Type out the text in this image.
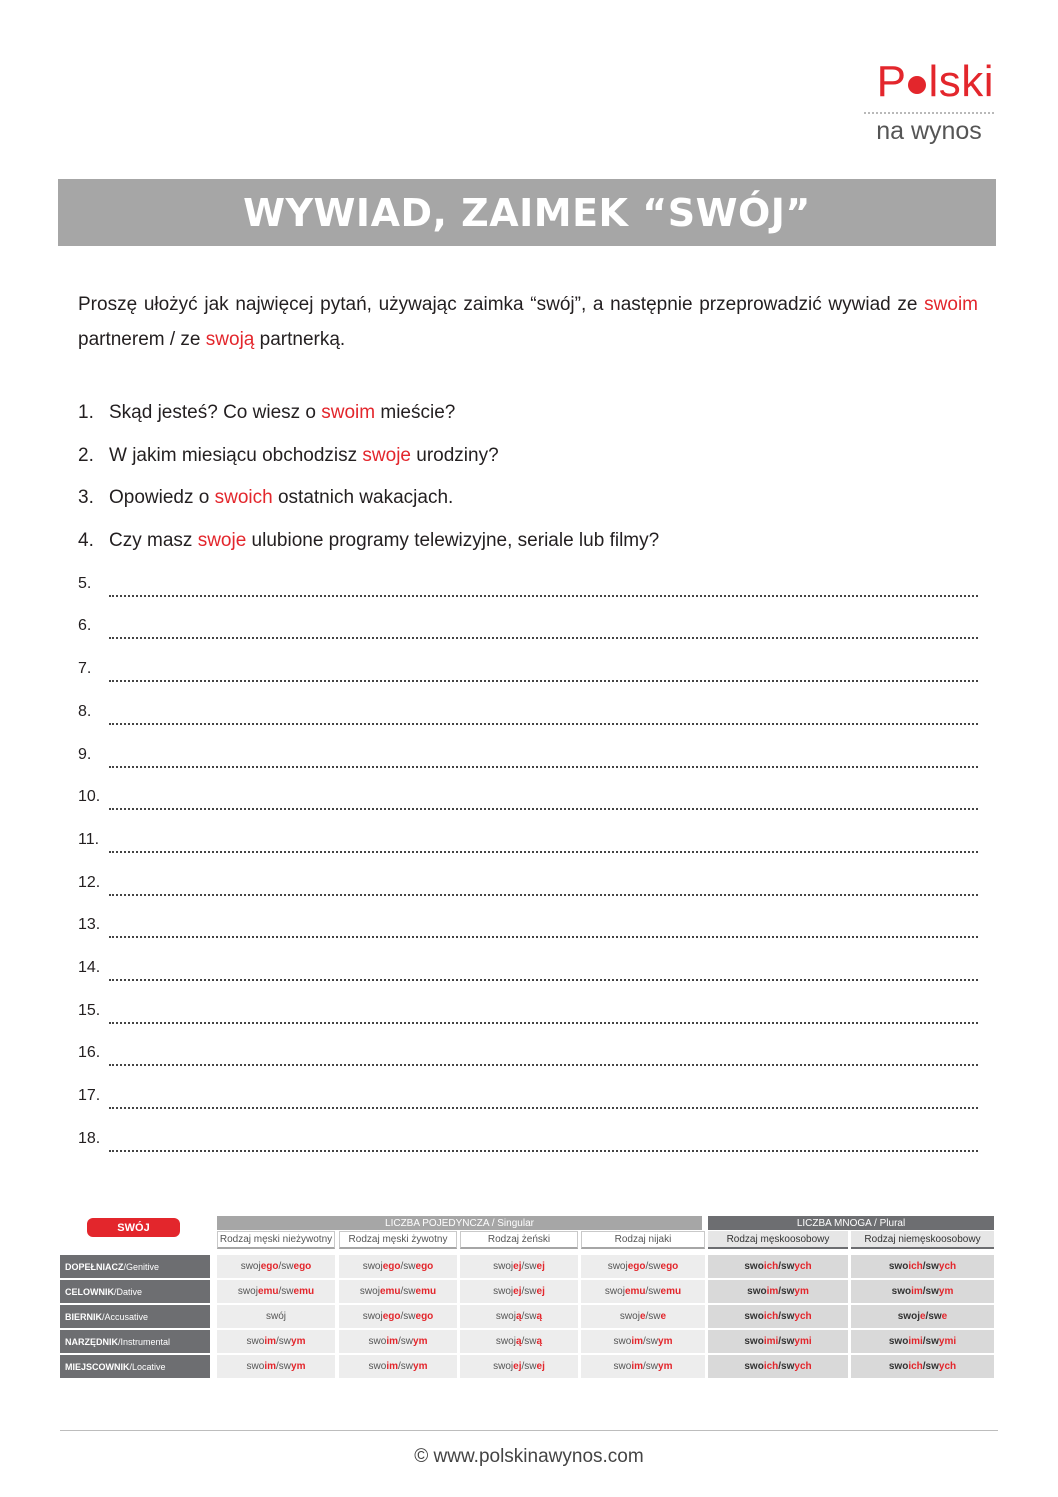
P lski
na wynos
WYWIAD, ZAIMEK “SWÓJ”
Proszę ułożyć jak najwięcej pytań, używając zaimka “swój”, a następnie przeprowadzić wywiad ze swoim partnerem / ze swoją partnerką.
1. Skąd jesteś? Co wiesz o swoim mieście?
2. W jakim miesiącu obchodzisz swoje urodziny?
3. Opowiedz o swoich ostatnich wakacjach.
4. Czy masz swoje ulubione programy telewizyjne, seriale lub filmy?
5.
6.
7.
8.
9.
10.
11.
12.
13.
14.
15.
16.
17.
18.
SWÓJ	LICZBA POJEDYNCZA / Singular	LICZBA MNOGA / Plural
Rodzaj męski nieżywotny	Rodzaj męski żywotny	Rodzaj żeński	Rodzaj nijaki	Rodzaj męskoosobowy	Rodzaj niemęskoosobowy
DOPEŁNIACZ / Genitive	swoj ego / sw ego	swoj ego / sw ego	swoj ej / sw ej	swoj ego / sw ego	swo ich / sw ych	swo ich / sw ych
CELOWNIK / Dative	swoj emu / sw emu	swoj emu / sw emu	swoj ej / sw ej	swoj emu / sw emu	swo im / sw ym	swo im / sw ym
BIERNIK / Accusative	swój	swoj ego / sw ego	swoj ą / sw ą	swoj e / sw e	swo ich / sw ych	swoj e / sw e
NARZĘDNIK / Instrumental	swo im / sw ym	swo im / sw ym	swoj ą / sw ą	swo im / sw ym	swo imi / sw ymi	swo imi / sw ymi
MIEJSCOWNIK / Locative	swo im / sw ym	swo im / sw ym	swoj ej / sw ej	swo im / sw ym	swo ich / sw ych	swo ich / sw ych
© www.polskinawynos.com
